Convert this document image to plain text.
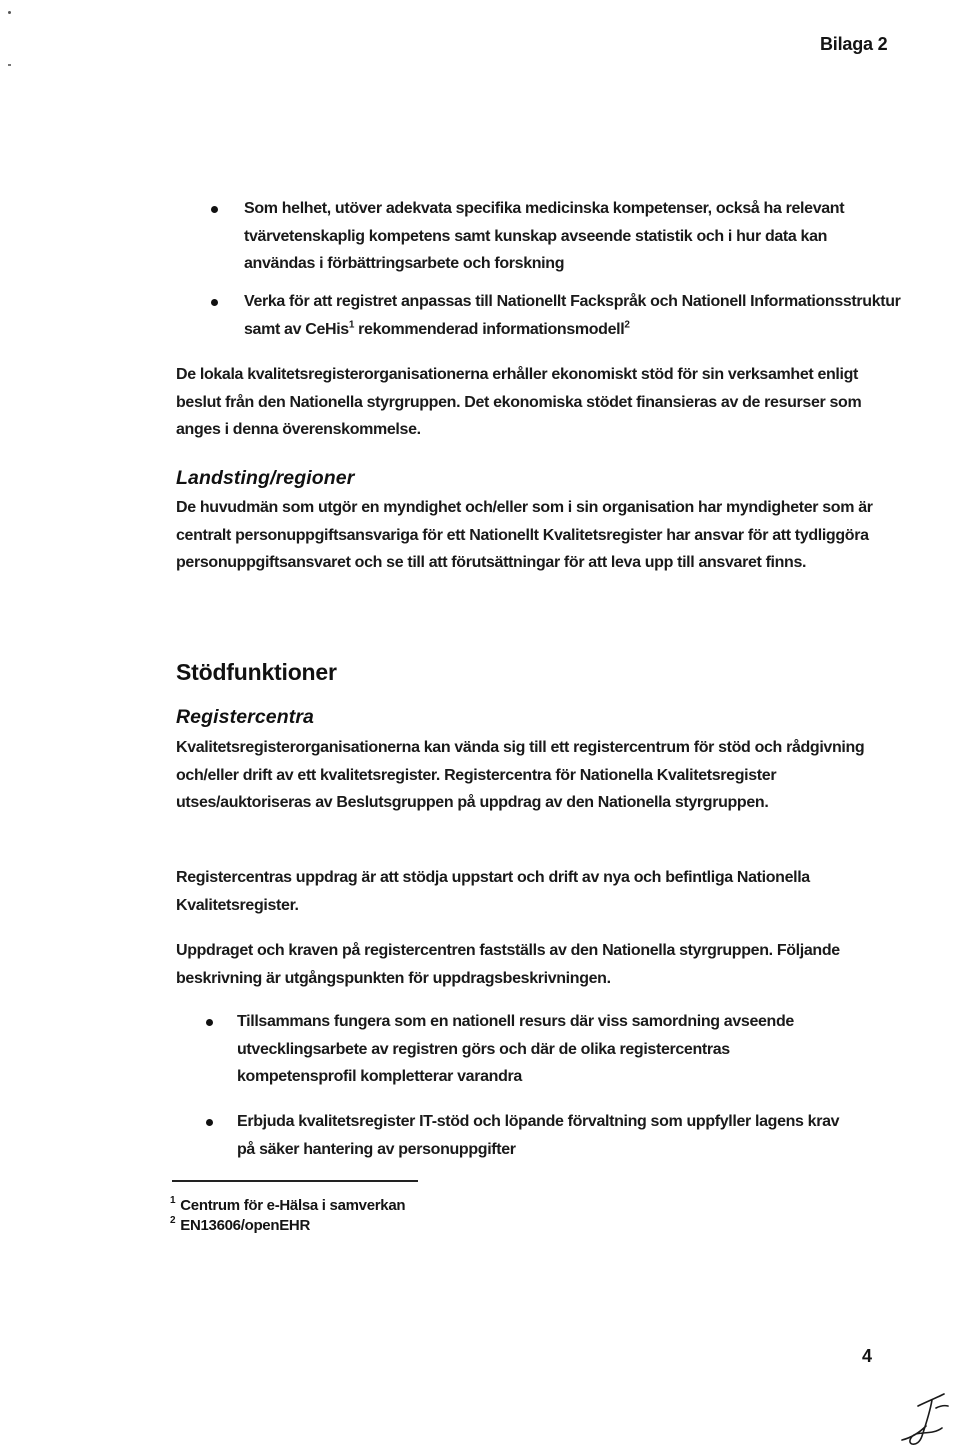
Bilaga 2

Som helhet, utöver adekvata specifika medicinska kompetenser, också ha relevant tvärvetenskaplig kompetens samt kunskap avseende statistik och i hur data kan användas i förbättringsarbete och forskning

Verka för att registret anpassas till Nationellt Fackspråk och Nationell Informationsstruktur samt av CeHis$^1$ rekommenderad informationsmodell$^2$

De lokala kvalitetsregisterorganisationerna erhåller ekonomiskt stöd för sin verksamhet enligt beslut från den Nationella styrgruppen. Det ekonomiska stödet finansieras av de resurser som anges i denna överenskommelse.

Landsting/regioner

De huvudmän som utgör en myndighet och/eller som i sin organisation har myndigheter som är centralt personuppgiftsansvariga för ett Nationellt Kvalitetsregister har ansvar för att tydliggöra personuppgiftsansvaret och se till att förutsättningar för att leva upp till ansvaret finns.

Stödfunktioner
Registercentra

Kvalitetsregisterorganisationerna kan vända sig till ett registercentrum för stöd och rådgivning och/eller drift av ett kvalitetsregister. Registercentra för Nationella Kvalitetsregister utses/auktoriseras av Beslutsgruppen på uppdrag av den Nationella styrgruppen.

Registercentras uppdrag är att stödja uppstart och drift av nya och befintliga Nationella Kvalitetsregister.

Uppdraget och kraven på registercentren fastställs av den Nationella styrgruppen. Följande beskrivning är utgångspunkten för uppdragsbeskrivningen.

Tillsammans fungera som en nationell resurs där viss samordning avseende utvecklingsarbete av registren görs och där de olika registercentras kompetensprofil kompletterar varandra

Erbjuda kvalitetsregister IT-stöd och löpande förvaltning som uppfyller lagens krav på säker hantering av personuppgifter

$^1$ Centrum för e-Hälsa i samverkan
$^2$ EN13606/openEHR
4
